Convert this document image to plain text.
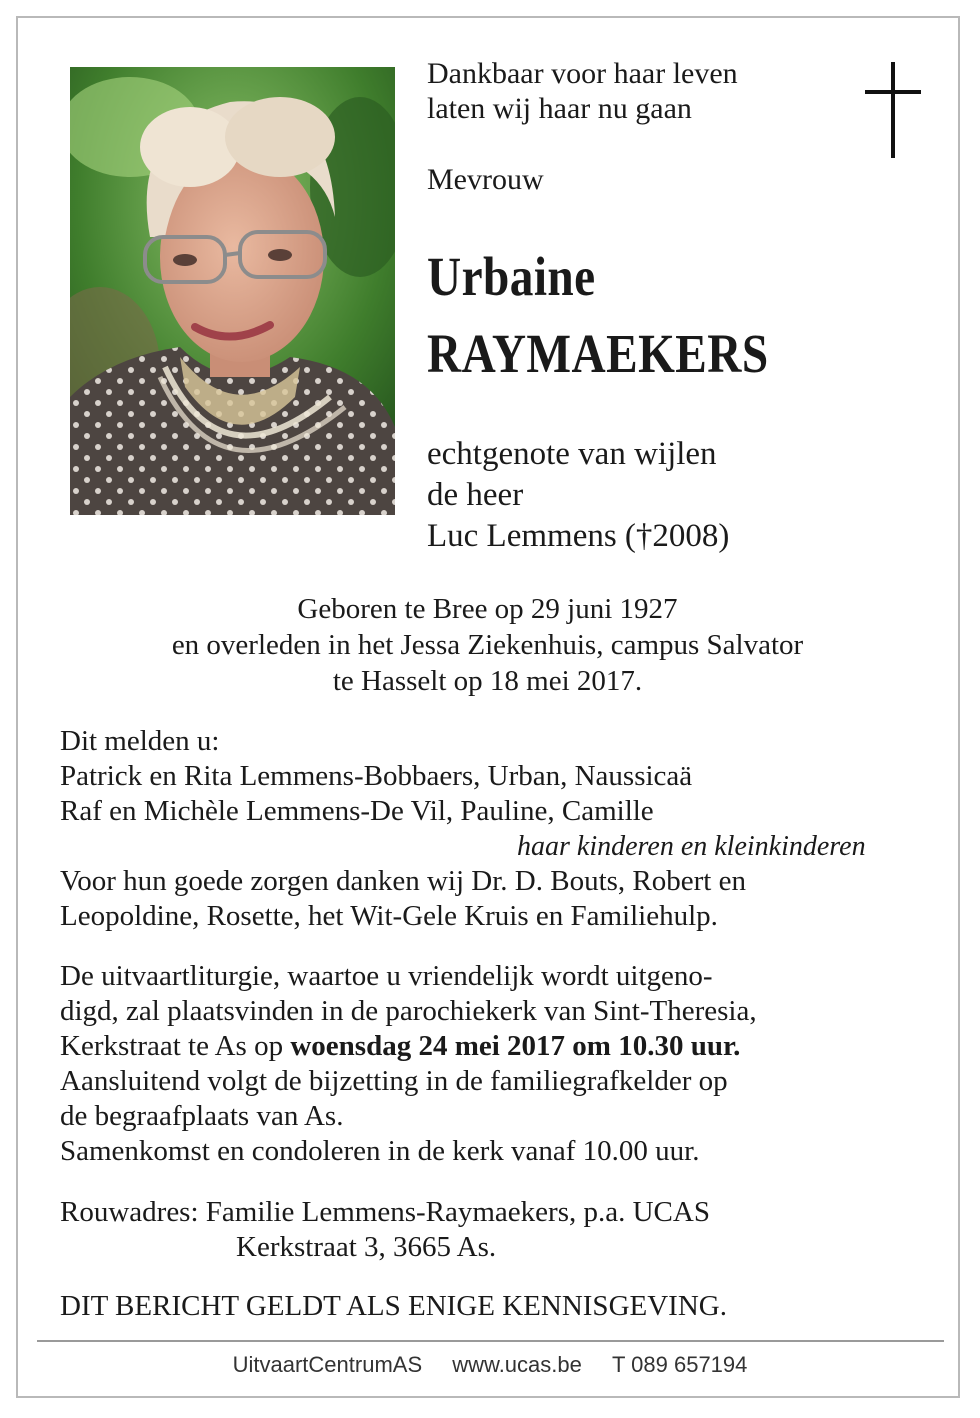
Dankbaar voor haar leven
laten wij haar nu gaan
Mevrouw
Urbaine
RAYMAEKERS
echtgenote van wijlen
de heer
Luc Lemmens (†2008)
Geboren te Bree op 29 juni 1927
en overleden in het Jessa Ziekenhuis, campus Salvator
te Hasselt op 18 mei 2017.
Dit melden u:
Patrick en Rita Lemmens-Bobbaers, Urban, Naussicaä
Raf en Michèle Lemmens-De Vil, Pauline, Camille
haar kinderen en kleinkinderen
Voor hun goede zorgen danken wij Dr. D. Bouts, Robert en
Leopoldine, Rosette, het Wit-Gele Kruis en Familiehulp.
De uitvaartliturgie, waartoe u vriendelijk wordt uitgeno-
digd, zal plaatsvinden in de parochiekerk van Sint-Theresia,
Kerkstraat te As op woensdag 24 mei 2017 om 10.30 uur.
Aansluitend volgt de bijzetting in de familiegrafkelder op
de begraafplaats van As.
Samenkomst en condoleren in de kerk vanaf 10.00 uur.
Rouwadres: Familie Lemmens-Raymaekers, p.a. UCAS
Kerkstraat 3, 3665 As.
DIT BERICHT GELDT ALS ENIGE KENNISGEVING.
UitvaartCentrumAS www.ucas.be T 089 657194
